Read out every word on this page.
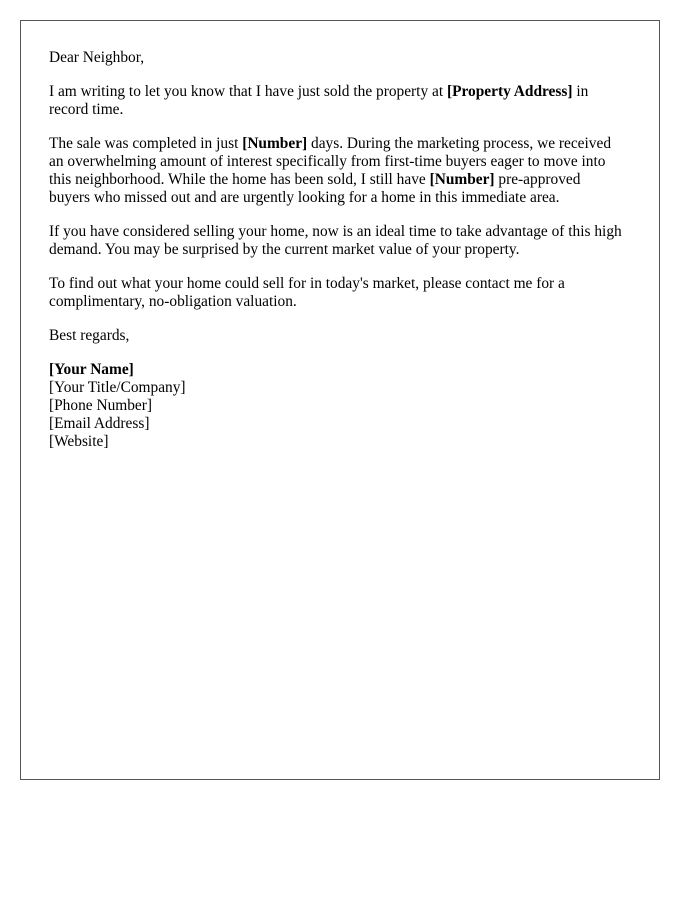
Dear Neighbor,

I am writing to let you know that I have just sold the property at [Property Address] in record time.

The sale was completed in just [Number] days. During the marketing process, we received an overwhelming amount of interest specifically from first-time buyers eager to move into this neighborhood. While the home has been sold, I still have [Number] pre-approved buyers who missed out and are urgently looking for a home in this immediate area.

If you have considered selling your home, now is an ideal time to take advantage of this high demand. You may be surprised by the current market value of your property.

To find out what your home could sell for in today's market, please contact me for a complimentary, no-obligation valuation.

Best regards,

[Your Name]
[Your Title/Company]
[Phone Number]
[Email Address]
[Website]
